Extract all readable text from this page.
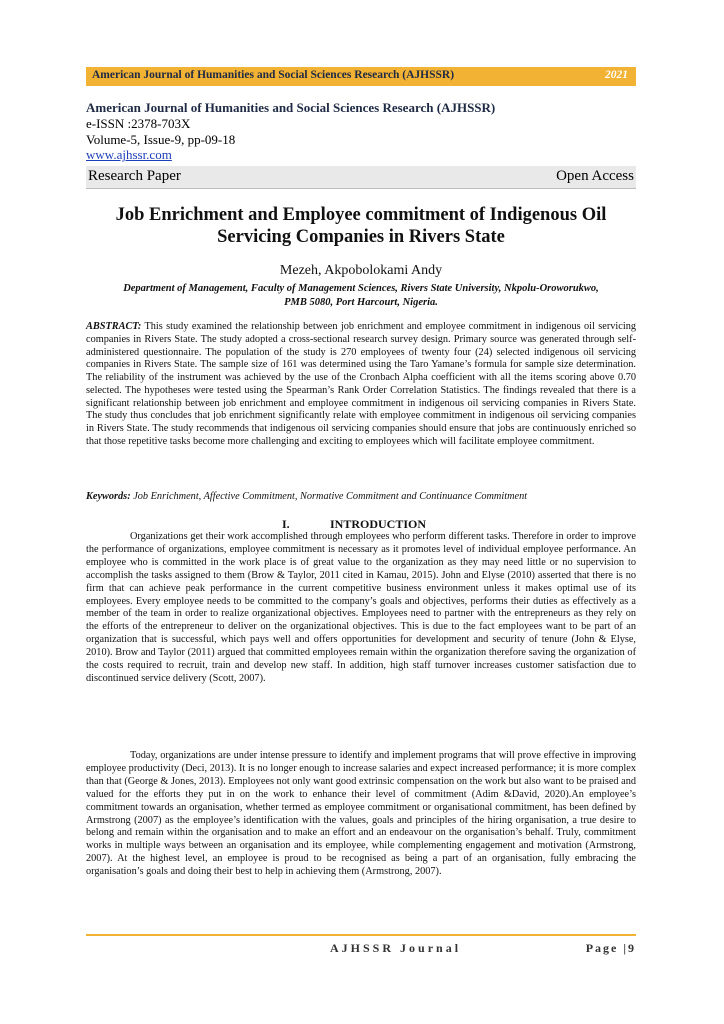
American Journal of Humanities and Social Sciences Research (AJHSSR)	2021
American Journal of Humanities and Social Sciences Research (AJHSSR)
e-ISSN :2378-703X
Volume-5, Issue-9, pp-09-18
www.ajhssr.com
Research Paper	Open Access
Job Enrichment and Employee commitment of Indigenous Oil
Servicing Companies in Rivers State
Mezeh, Akpobolokami Andy
Department of Management, Faculty of Management Sciences, Rivers State University, Nkpolu-Oroworukwo,
PMB 5080, Port Harcourt, Nigeria.
ABSTRACT: This study examined the relationship between job enrichment and employee commitment in indigenous oil servicing companies in Rivers State. The study adopted a cross-sectional research survey design. Primary source was generated through self- administered questionnaire. The population of the study is 270 employees of twenty four (24) selected indigenous oil servicing companies in Rivers State. The sample size of 161 was determined using the Taro Yamane’s formula for sample size determination. The reliability of the instrument was achieved by the use of the Cronbach Alpha coefficient with all the items scoring above 0.70 selected. The hypotheses were tested using the Spearman’s Rank Order Correlation Statistics. The findings revealed that there is a significant relationship between job enrichment and employee commitment in indigenous oil servicing companies in Rivers State. The study thus concludes that job enrichment significantly relate with employee commitment in indigenous oil servicing companies in Rivers State. The study recommends that indigenous oil servicing companies should ensure that jobs are continuously enriched so that those repetitive tasks become more challenging and exciting to employees which will facilitate employee commitment.
Keywords: Job Enrichment, Affective Commitment, Normative Commitment and Continuance Commitment
I.	INTRODUCTION
Organizations get their work accomplished through employees who perform different tasks. Therefore in order to improve the performance of organizations, employee commitment is necessary as it promotes level of individual employee performance. An employee who is committed in the work place is of great value to the organization as they may need little or no supervision to accomplish the tasks assigned to them (Brow & Taylor, 2011 cited in Kamau, 2015). John and Elyse (2010) asserted that there is no firm that can achieve peak performance in the current competitive business environment unless it makes optimal use of its employees. Every employee needs to be committed to the company’s goals and objectives, performs their duties as effectively as a member of the team in order to realize organizational objectives. Employees need to partner with the entrepreneurs as they rely on the efforts of the entrepreneur to deliver on the organizational objectives. This is due to the fact employees want to be part of an organization that is successful, which pays well and offers opportunities for development and security of tenure (John & Elyse, 2010). Brow and Taylor (2011) argued that committed employees remain within the organization therefore saving the organization of the costs required to recruit, train and develop new staff. In addition, high staff turnover increases customer satisfaction due to discontinued service delivery (Scott, 2007).
Today, organizations are under intense pressure to identify and implement programs that will prove effective in improving employee productivity (Deci, 2013). It is no longer enough to increase salaries and expect increased performance; it is more complex than that (George & Jones, 2013). Employees not only want good extrinsic compensation on the work but also want to be praised and valued for the efforts they put in on the work to enhance their level of commitment (Adim &David, 2020).An employee’s commitment towards an organisation, whether termed as employee commitment or organisational commitment, has been defined by Armstrong (2007) as the employee’s identification with the values, goals and principles of the hiring organisation, a true desire to belong and remain within the organisation and to make an effort and an endeavour on the organisation’s behalf. Truly, commitment works in multiple ways between an organisation and its employee, while complementing engagement and motivation (Armstrong, 2007). At the highest level, an employee is proud to be recognised as being a part of an organisation, fully embracing the organisation’s goals and doing their best to help in achieving them (Armstrong, 2007).
AJHSSR Journal	Page |9
